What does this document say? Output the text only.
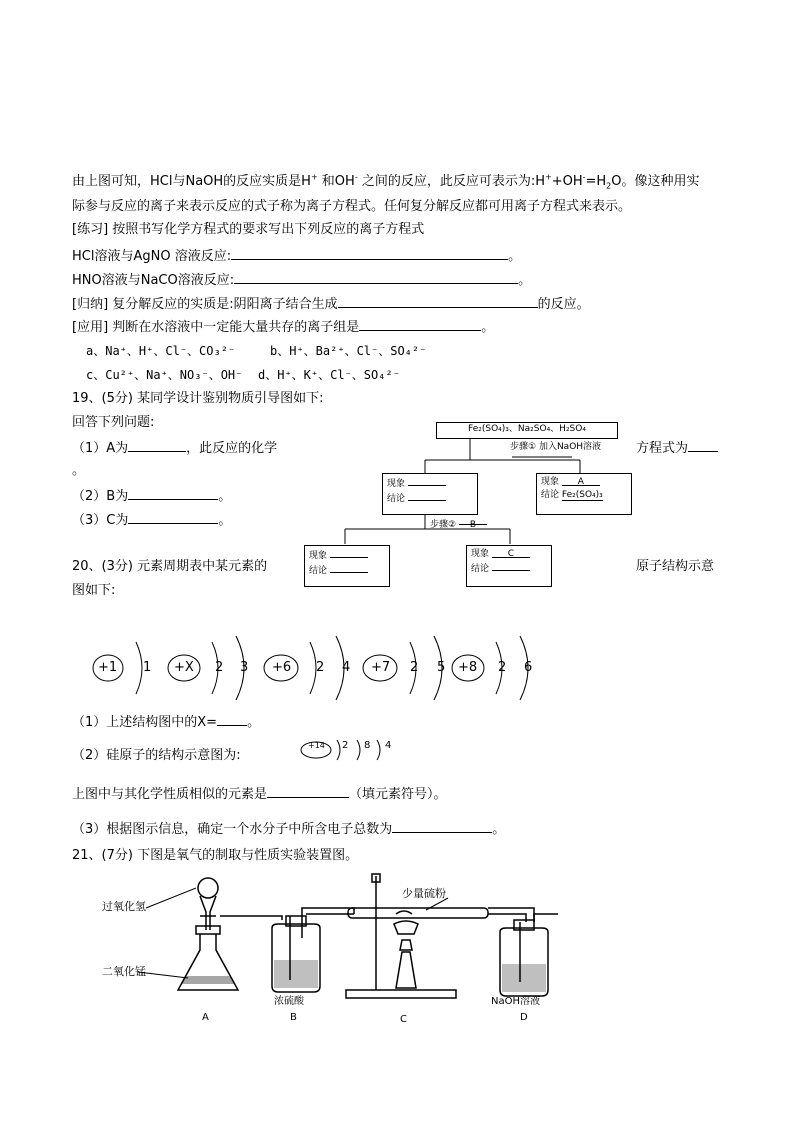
由上图可知，HCl与NaOH的反应实质是H+ 和OH- 之间的反应，此反应可表示为$:H^++OH^-=H_2O$。像这种用实
际参与反应的离子来表示反应的式子称为离子方程式。任何复分解反应都可用离子方程式来表示。
[练习] 按照书写化学方程式的要求写出下列反应的离子方程式
HCl溶液与AgNO 溶液反应:	。
HNO溶液与NaCO溶液反应:	。
[归纳] 复分解反应的实质是:阴阳离子结合生成	的反应。
[应用] 判断在水溶液中一定能大量共存的离子组是	。
a、Na⁺、H⁺、Cl⁻、CO₃²⁻	b、H⁺、Ba²⁺、Cl⁻、SO₄²⁻
c、Cu²⁺、Na⁺、NO₃⁻、OH⁻ d、H⁺、K⁺、Cl⁻、SO₄²⁻
19、(5分) 某同学设计鉴别物质引导图如下:
回答下列问题:
（1）A为	，此反应的化学	方程式为
。
（2）B为	。
（3）C为	。
Fe₂(SO₄)₃、Na₂SO₄、H₂SO₄
步骤① 加入NaOH溶液
现象
结论
现象 A
结论 Fe₂(SO₄)₃
步骤② B
现象
结论
现象 C
结论
20、(3分) 元素周期表中某元素的	原子结构示意
图如下:
+1 1 +X 2 3 +6 2 4 +7 2 5 +8 2 6
（1）上述结构图中的X= 。
（2）硅原子的结构示意图为:
+14 2 8 4
上图中与其化学性质相似的元素是	（填元素符号）。
（3）根据图示信息，确定一个水分子中所含电子总数为	。
21、(7分) 下图是氧气的制取与性质实验装置图。
过氧化氢
二氧化锰
少量硫粉
浓硫酸	NaOH溶液
A	B	C	D
